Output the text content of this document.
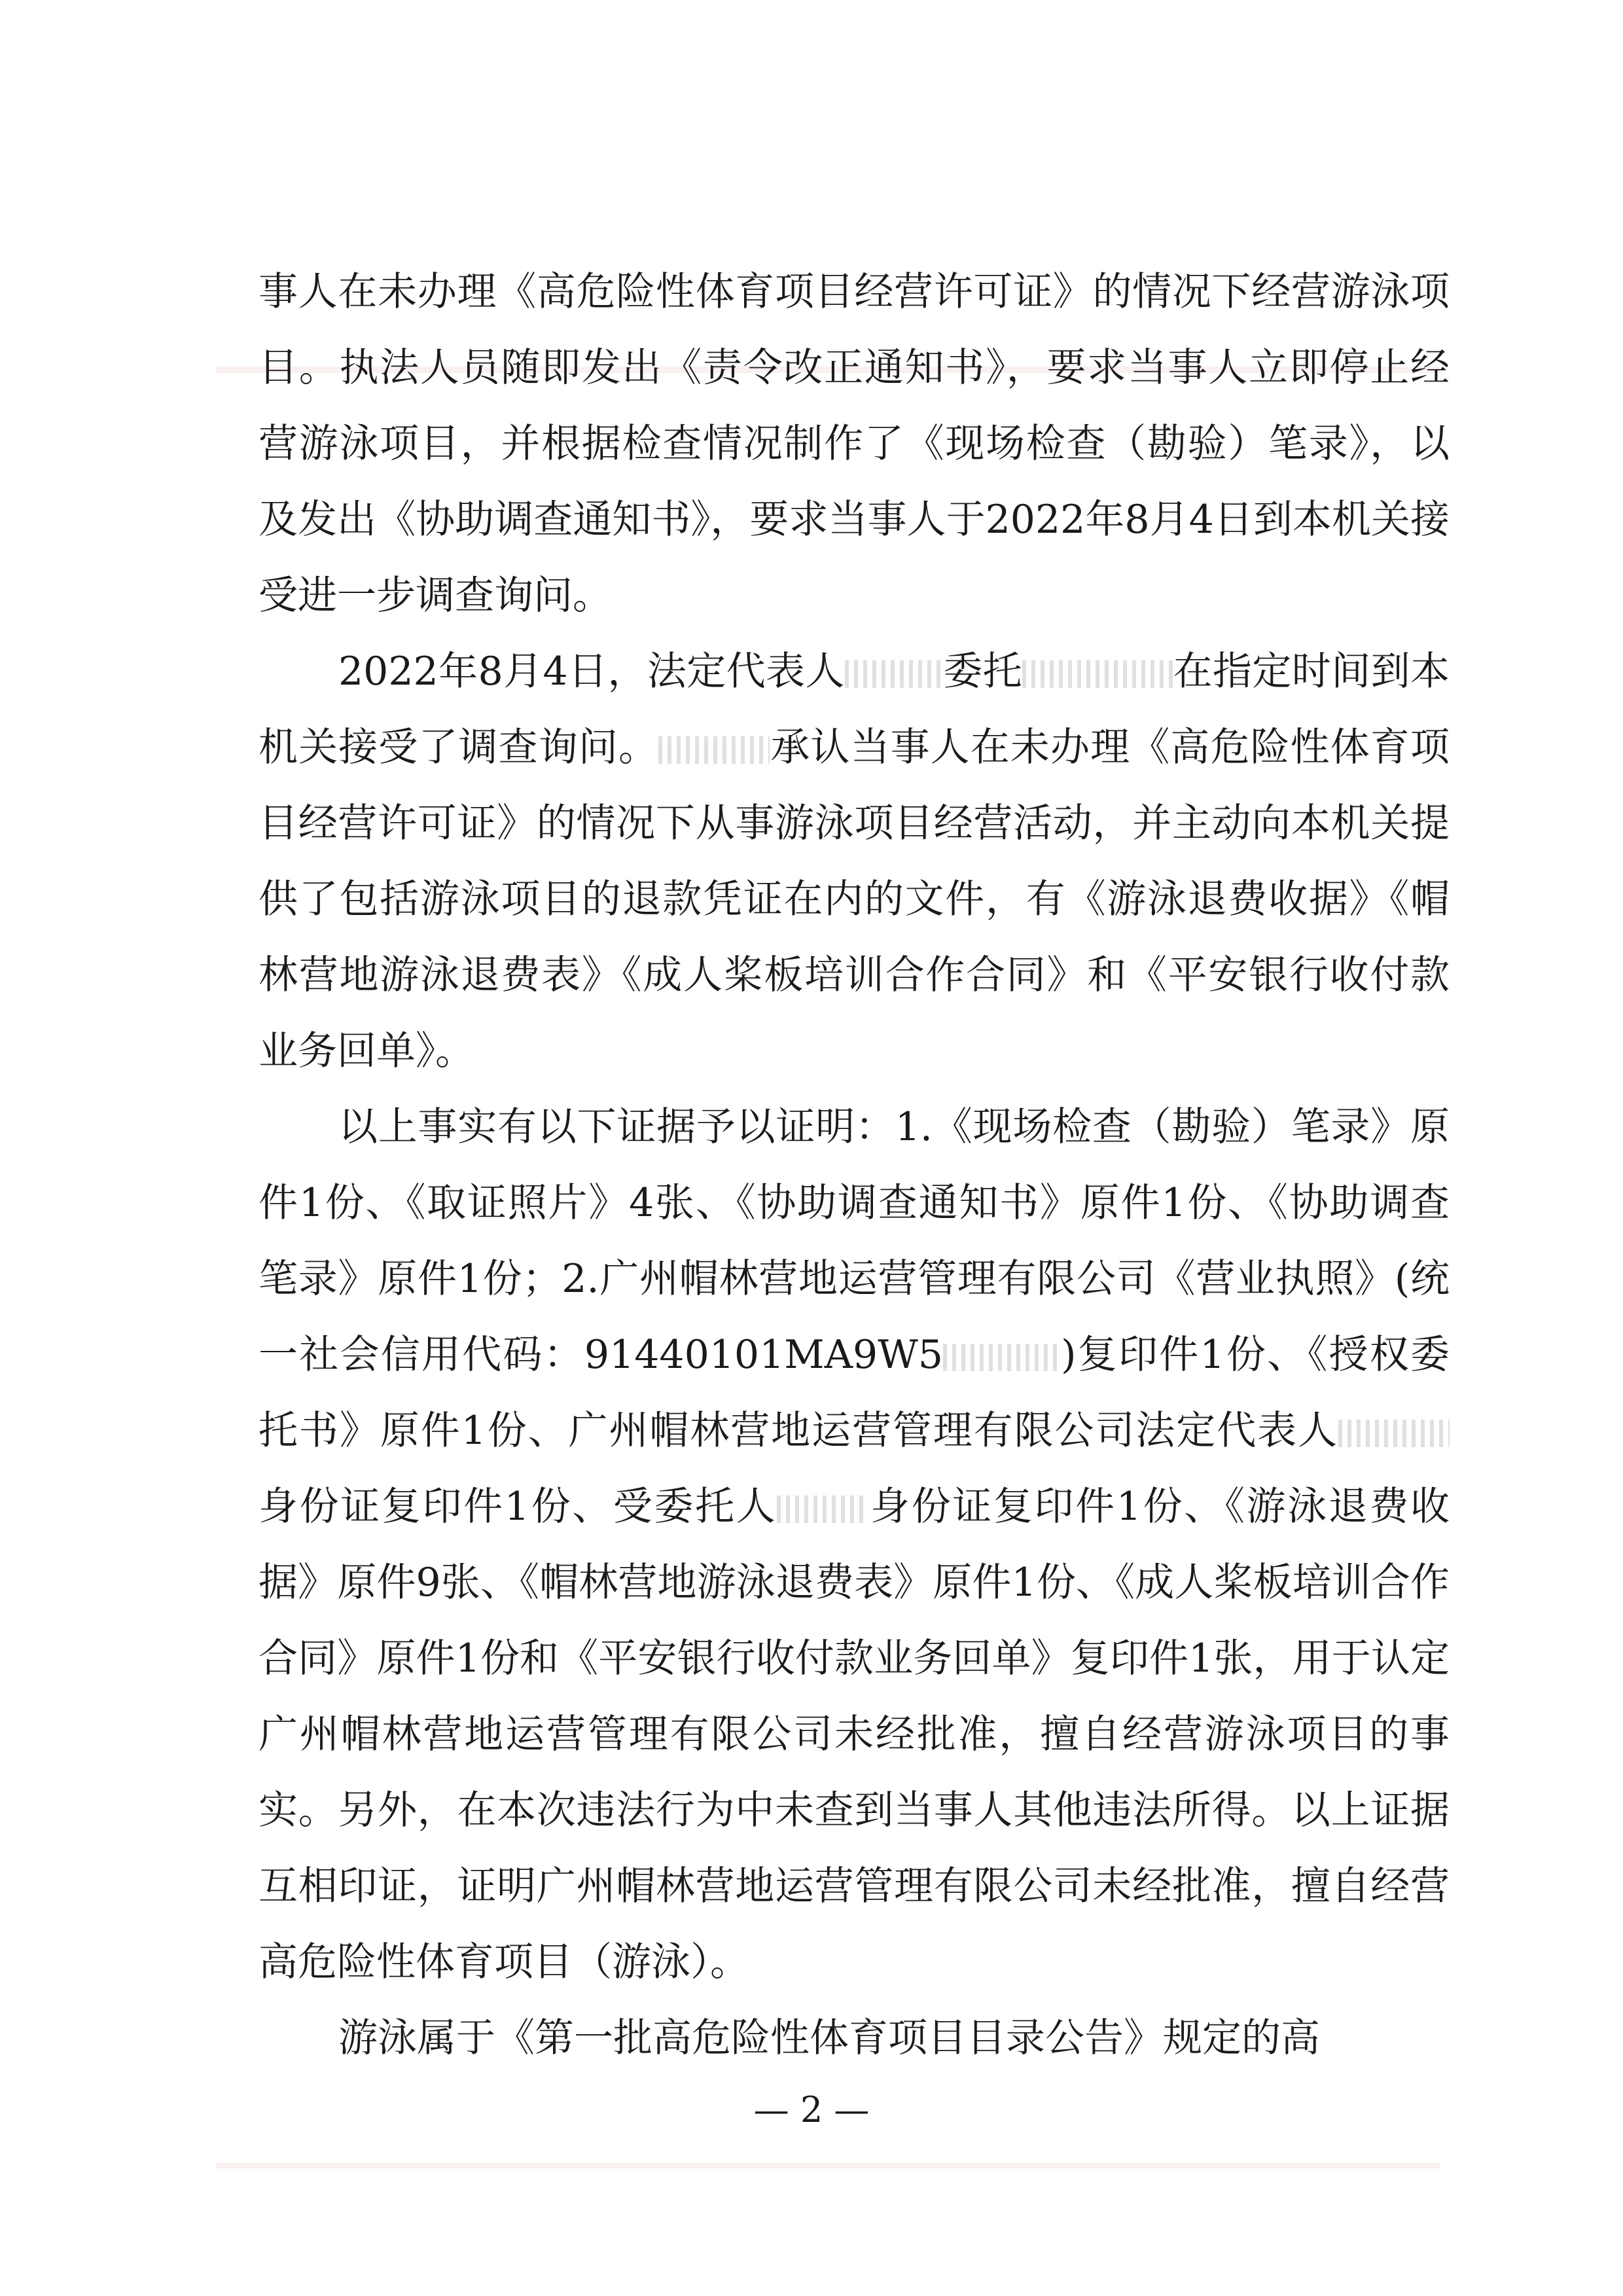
事人在未办理《高危险性体育项目经营许可证》的情况下经营游泳项目。执法人员随即发出《责令改正通知书》，要求当事人立即停止经营游泳项目，并根据检查情况制作了《现场检查（勘验）笔录》，以及发出《协助调查通知书》，要求当事人于2022年8月4日到本机关接受进一步调查询问。

2022年8月4日，法定代表人	委托	在指定时间到本机关接受了调查询问。	承认当事人在未办理《高危险性体育项目经营许可证》的情况下从事游泳项目经营活动，并主动向本机关提供了包括游泳项目的退款凭证在内的文件，有《游泳退费收据》《帽林营地游泳退费表》《成人桨板培训合作合同》和《平安银行收付款业务回单》。

以上事实有以下证据予以证明：1.《现场检查（勘验）笔录》原件1份、《取证照片》4张、《协助调查通知书》原件1份、《协助调查笔录》原件1份；2.广州帽林营地运营管理有限公司《营业执照》(统一社会信用代码：91440101MA9W5	)复印件1份、《授权委托书》原件1份、广州帽林营地运营管理有限公司法定代表人身份证复印件1份、受委托人 身份证复印件1份、《游泳退费收据》原件9张、《帽林营地游泳退费表》原件1份、《成人桨板培训合作合同》原件1份和《平安银行收付款业务回单》复印件1张，用于认定广州帽林营地运营管理有限公司未经批准，擅自经营游泳项目的事实。另外，在本次违法行为中未查到当事人其他违法所得。以上证据互相印证，证明广州帽林营地运营管理有限公司未经批准，擅自经营高危险性体育项目（游泳）。

游泳属于《第一批高危险性体育项目目录公告》规定的高

— 2 —
